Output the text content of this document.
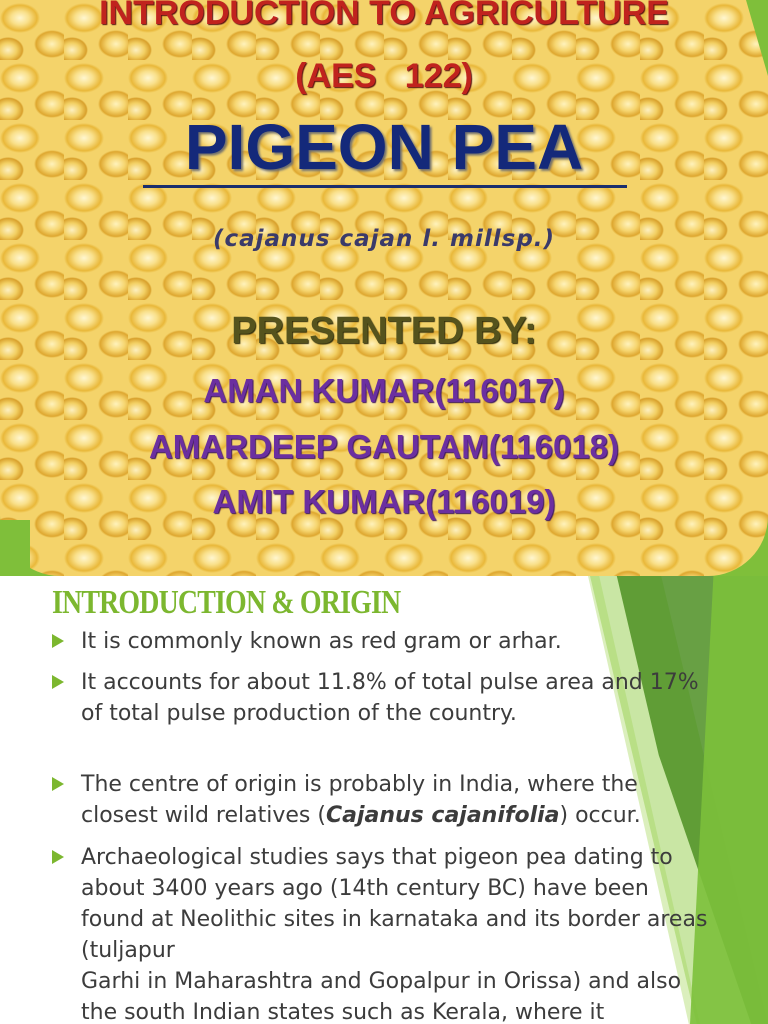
INTRODUCTION TO AGRICULTURE
(AES   122)
PIGEON PEA
(cajanus cajan l. millsp.)
PRESENTED BY:
AMAN KUMAR(116017)
AMARDEEP GAUTAM(116018)
AMIT KUMAR(116019)
INTRODUCTION & ORIGIN
It is commonly known as red gram or arhar.
It accounts for about 11.8% of total pulse area and 17% of total pulse production of the country.
The centre of origin is probably in India, where the closest wild relatives (Cajanus cajanifolia) occur.
Archaeological studies says that pigeon pea dating to about 3400 years ago (14th century BC) have been found at Neolithic sites in karnataka and its border areas (tuljapur
Garhi in Maharashtra and Gopalpur in Orissa) and also the south Indian states such as Kerala, where it
